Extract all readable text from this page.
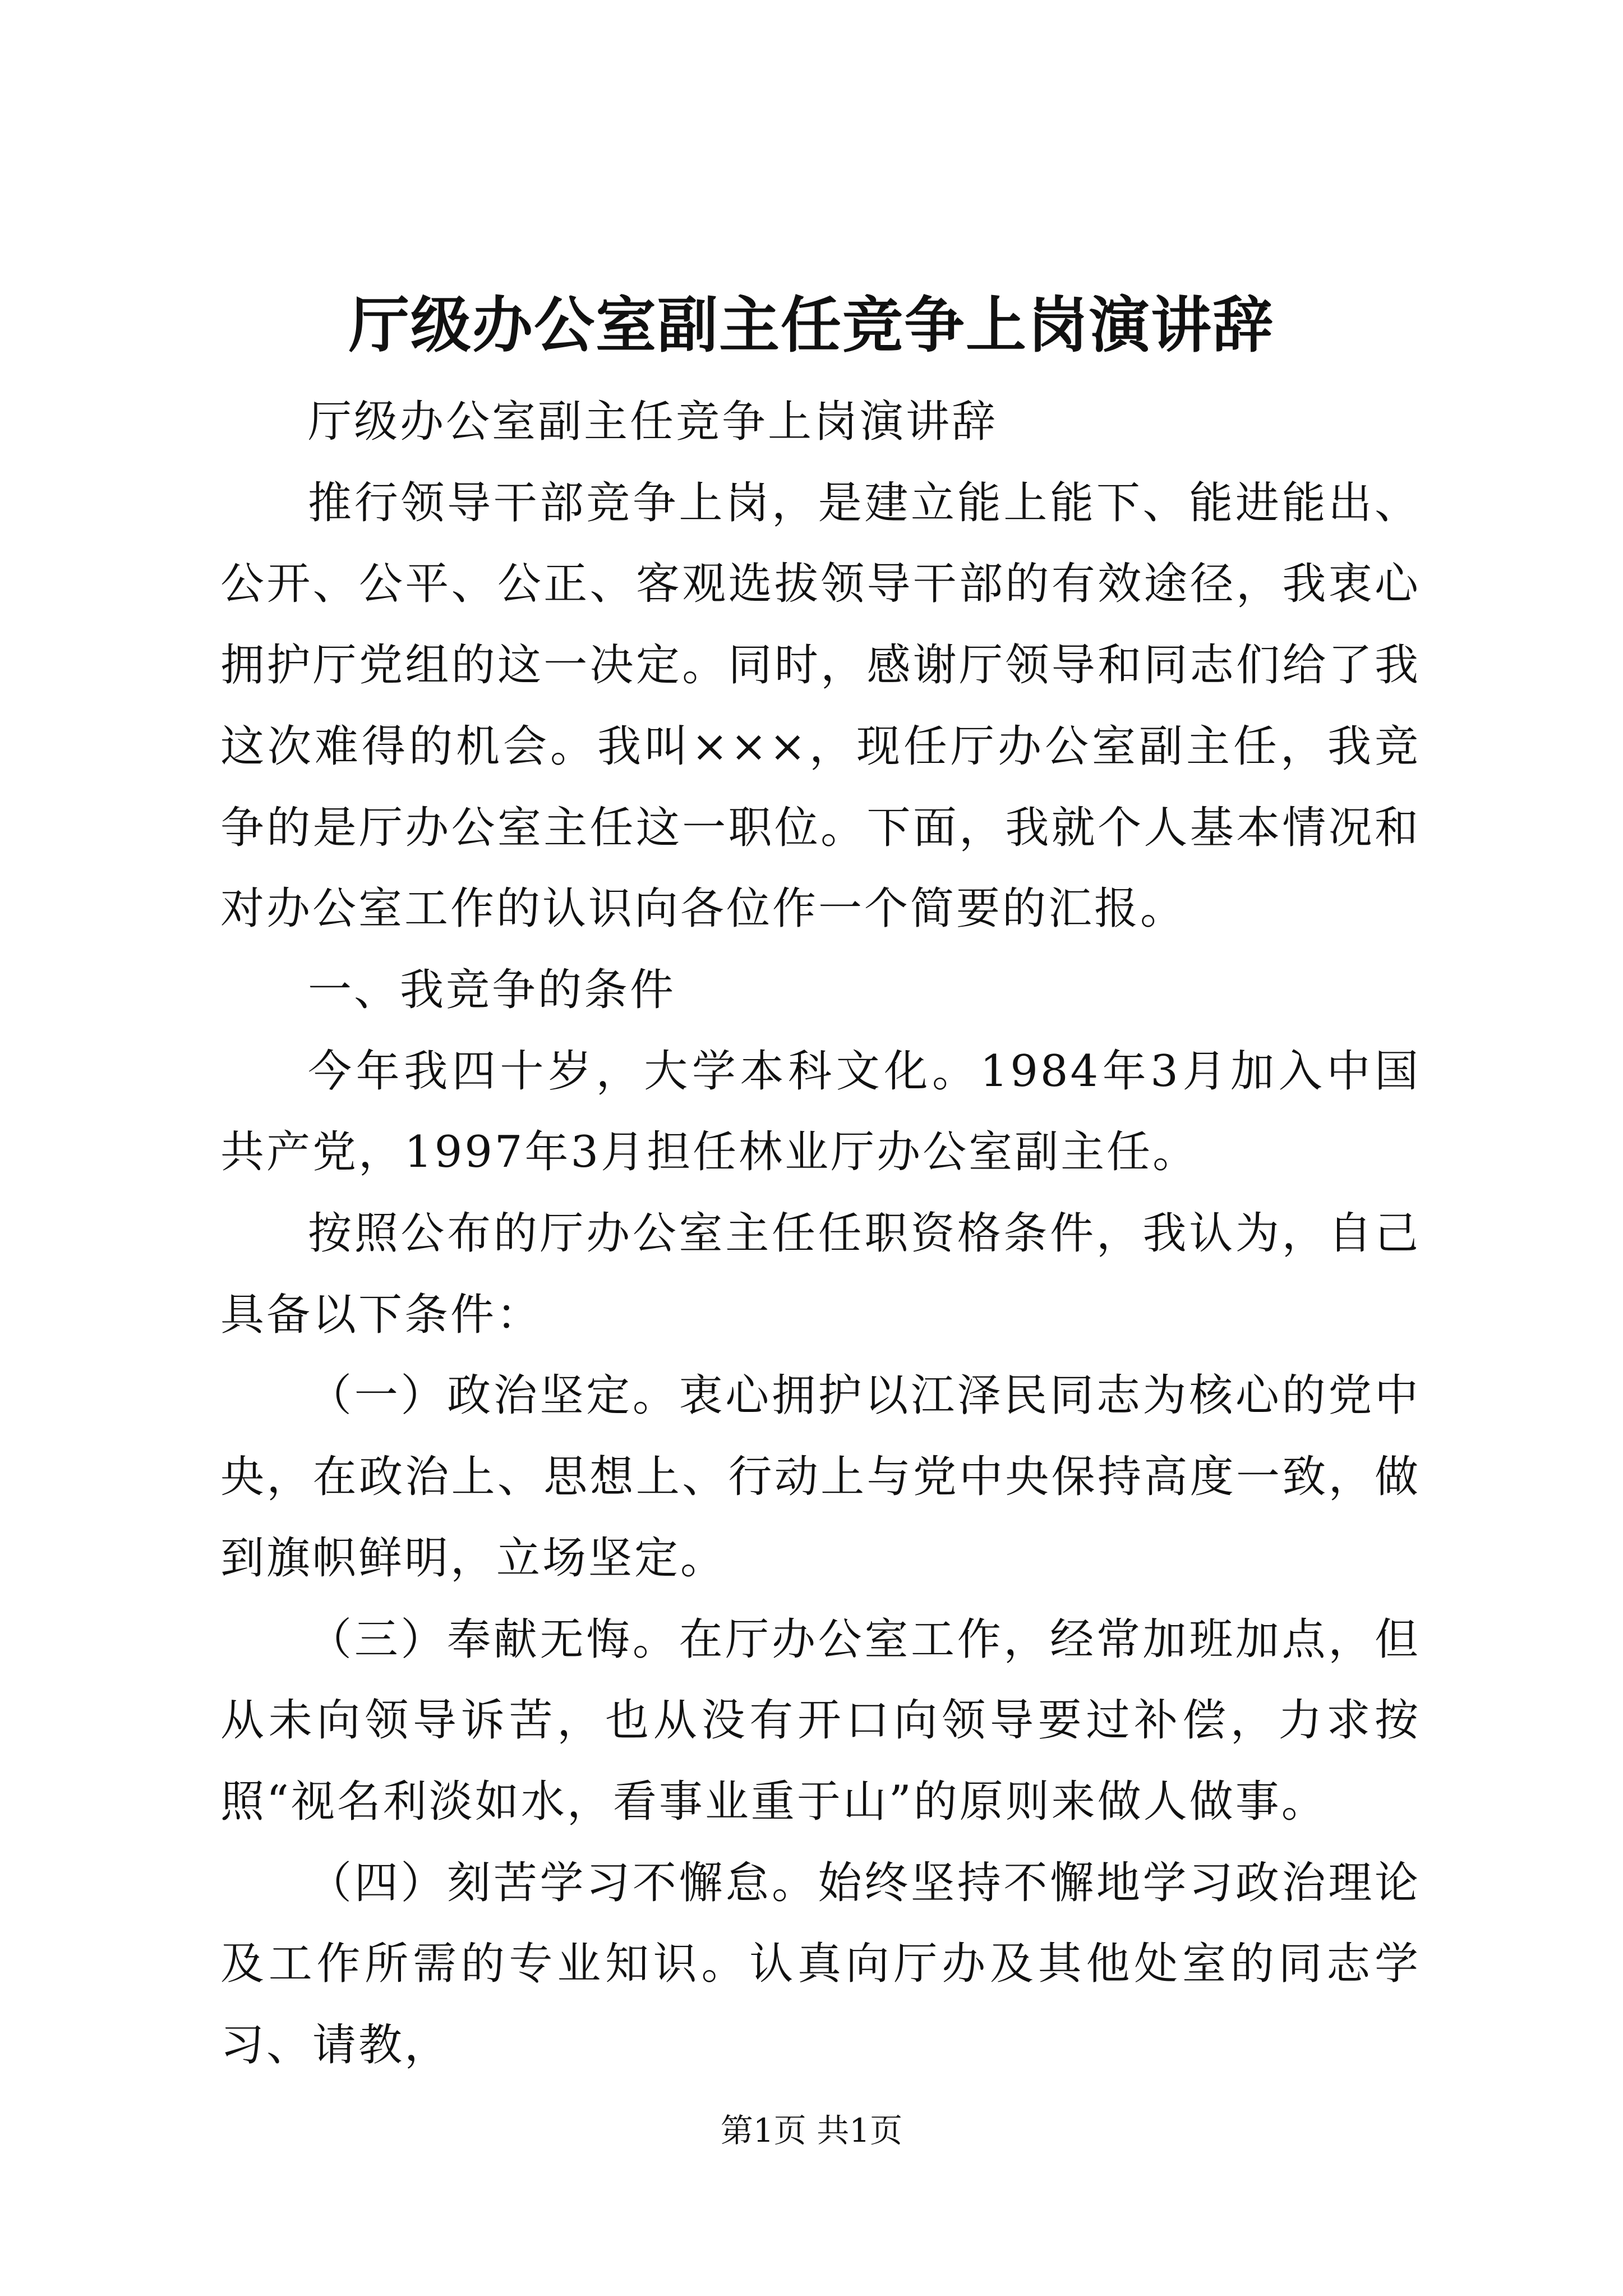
厅级办公室副主任竞争上岗演讲辞

厅级办公室副主任竞争上岗演讲辞

推行领导干部竞争上岗，是建立能上能下、能进能出、公开、公平、公正、客观选拔领导干部的有效途径，我衷心拥护厅党组的这一决定。同时，感谢厅领导和同志们给了我这次难得的机会。我叫×××，现任厅办公室副主任，我竞争的是厅办公室主任这一职位。下面，我就个人基本情况和对办公室工作的认识向各位作一个简要的汇报。

一、我竞争的条件

今年我四十岁，大学本科文化。1984年3月加入中国共产党，1997年3月担任林业厅办公室副主任。

按照公布的厅办公室主任任职资格条件，我认为，自己具备以下条件：

（一）政治坚定。衷心拥护以江泽民同志为核心的党中央，在政治上、思想上、行动上与党中央保持高度一致，做到旗帜鲜明，立场坚定。

（三）奉献无悔。在厅办公室工作，经常加班加点，但从未向领导诉苦，也从没有开口向领导要过补偿，力求按照“视名利淡如水，看事业重于山”的原则来做人做事。

（四）刻苦学习不懈怠。始终坚持不懈地学习政治理论及工作所需的专业知识。认真向厅办及其他处室的同志学习、请教，

第1页 共1页
